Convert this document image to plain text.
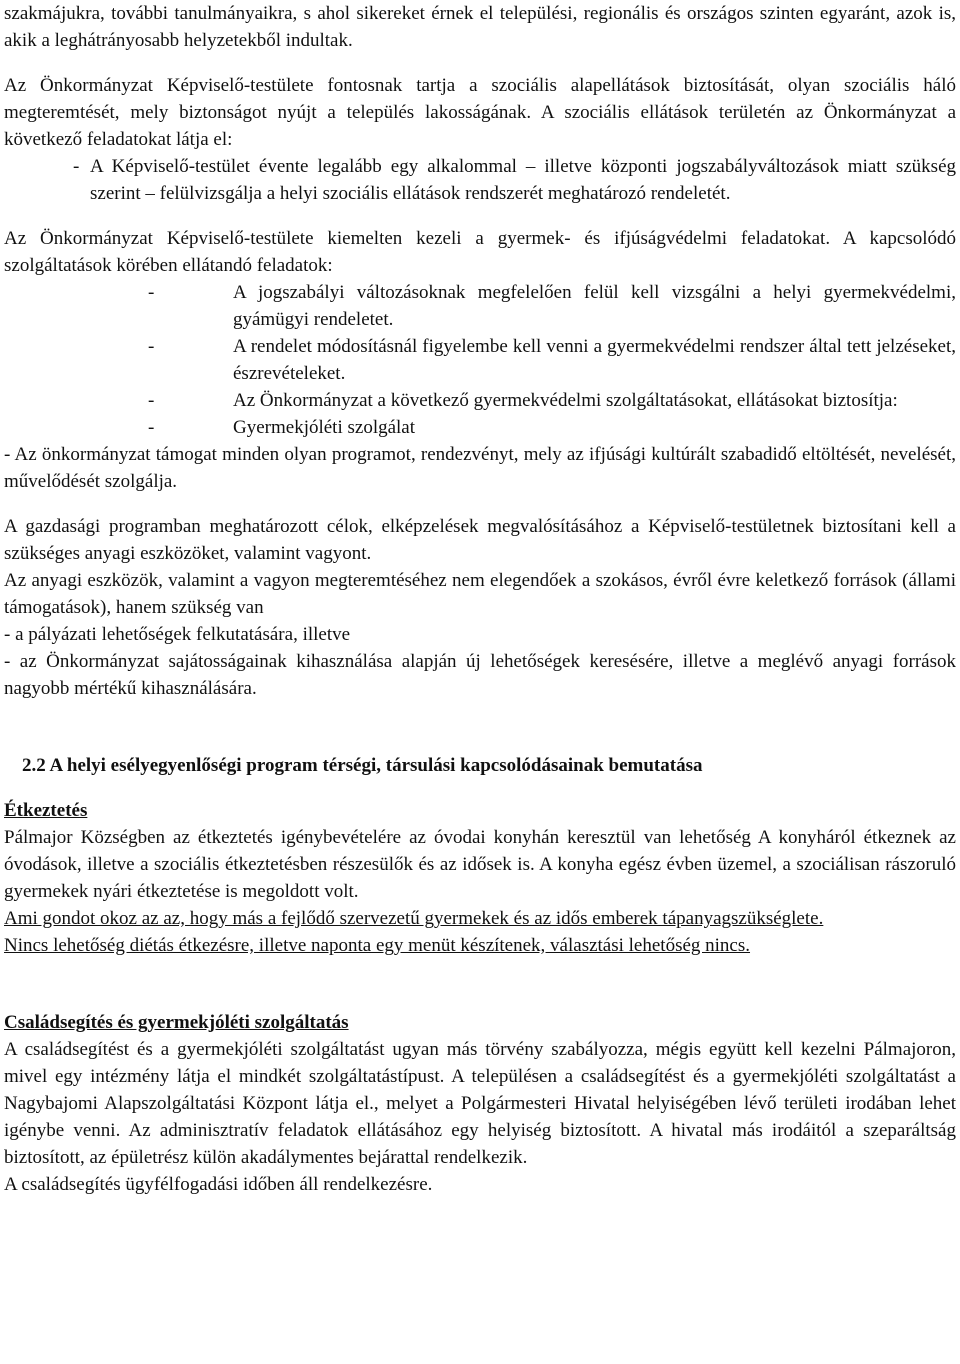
szakmájukra, további tanulmányaikra, s ahol sikereket érnek el települési, regionális és országos szinten egyaránt, azok is, akik a leghátrányosabb helyzetekből indultak.

Az Önkormányzat Képviselő-testülete fontosnak tartja a szociális alapellátások biztosítását, olyan szociális háló megteremtését, mely biztonságot nyújt a település lakosságának. A szociális ellátások területén az Önkormányzat a következő feladatokat látja el:

- A Képviselő-testület évente legalább egy alkalommal – illetve központi jogszabályváltozások miatt szükség szerint – felülvizsgálja a helyi szociális ellátások rendszerét meghatározó rendeletét.

Az Önkormányzat Képviselő-testülete kiemelten kezeli a gyermek- és ifjúságvédelmi feladatokat. A kapcsolódó szolgáltatások körében ellátandó feladatok:

-	A jogszabályi változásoknak megfelelően felül kell vizsgálni a helyi gyermekvédelmi, gyámügyi rendeletet.
-	A rendelet módosításnál figyelembe kell venni a gyermekvédelmi rendszer által tett jelzéseket, észrevételeket.
-	Az Önkormányzat a következő gyermekvédelmi szolgáltatásokat, ellátásokat biztosítja:
-	Gyermekjóléti szolgálat

- Az önkormányzat támogat minden olyan programot, rendezvényt, mely az ifjúsági kultúrált szabadidő eltöltését, nevelését, művelődését szolgálja.

A gazdasági programban meghatározott célok, elképzelések megvalósításához a Képviselő-testületnek biztosítani kell a szükséges anyagi eszközöket, valamint vagyont.

Az anyagi eszközök, valamint a vagyon megteremtéséhez nem elegendőek a szokásos, évről évre keletkező források (állami támogatások), hanem szükség van

- a pályázati lehetőségek felkutatására, illetve

- az Önkormányzat sajátosságainak kihasználása alapján új lehetőségek keresésére, illetve a meglévő anyagi források nagyobb mértékű kihasználására.

2.2 A helyi esélyegyenlőségi program térségi, társulási kapcsolódásainak bemutatása

Étkeztetés

Pálmajor Községben az étkeztetés igénybevételére az óvodai konyhán keresztül van lehetőség A konyháról étkeznek az óvodások, illetve a szociális étkeztetésben részesülők és az idősek is. A konyha egész évben üzemel, a szociálisan rászoruló gyermekek nyári étkeztetése is megoldott volt.

Ami gondot okoz az az, hogy más a fejlődő szervezetű gyermekek és az idős emberek tápanyagszükséglete.

Nincs lehetőség diétás étkezésre, illetve naponta egy menüt készítenek, választási lehetőség nincs.

Családsegítés és gyermekjóléti szolgáltatás

A családsegítést és a gyermekjóléti szolgáltatást ugyan más törvény szabályozza, mégis együtt kell kezelni Pálmajoron, mivel egy intézmény látja el mindkét szolgáltatástípust. A településen a családsegítést és a gyermekjóléti szolgáltatást a Nagybajomi Alapszolgáltatási Központ látja el., melyet a Polgármesteri Hivatal helyiségében lévő területi irodában lehet igénybe venni. Az adminisztratív feladatok ellátásához egy helyiség biztosított. A hivatal más irodáitól a szeparáltság biztosított, az épületrész külön akadálymentes bejárattal rendelkezik.

A családsegítés ügyfélfogadási időben áll rendelkezésre.
